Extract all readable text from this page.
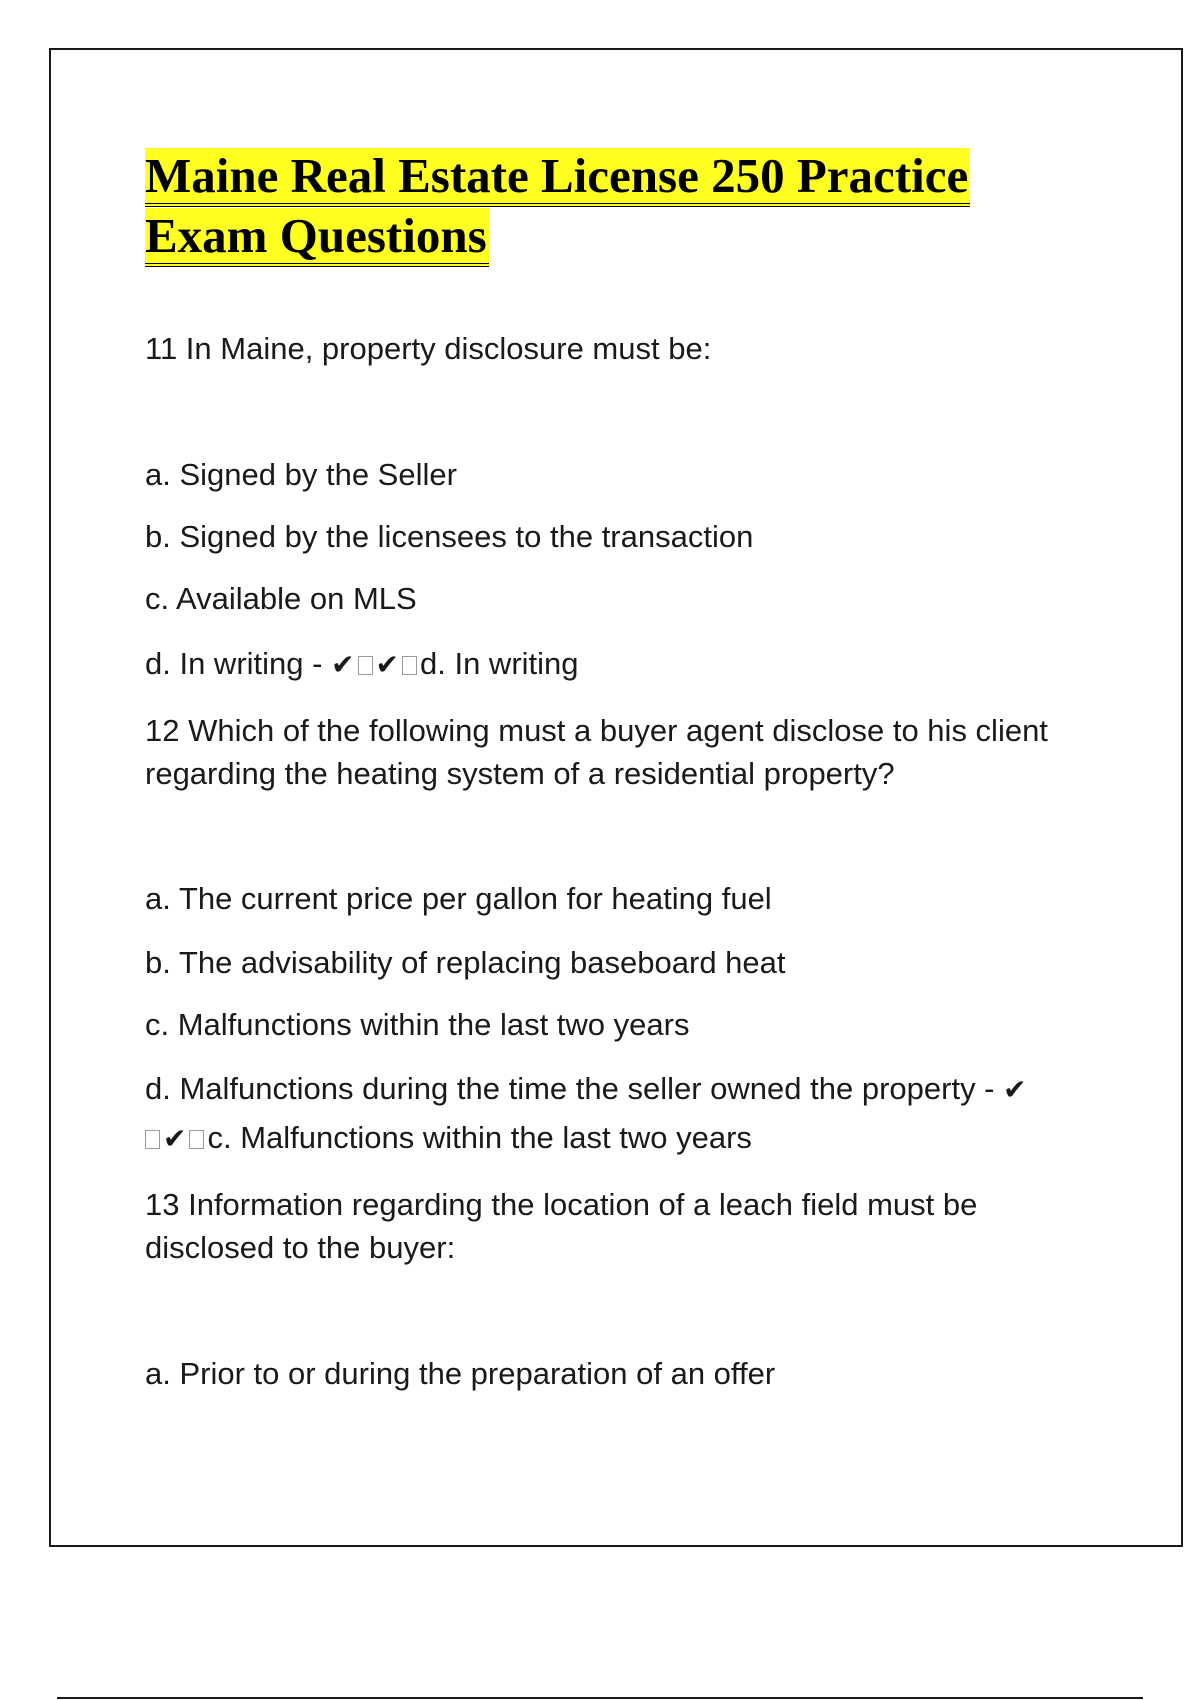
Maine Real Estate License 250 Practice
Exam Questions
11 In Maine, property disclosure must be:
a. Signed by the Seller
b. Signed by the licensees to the transaction
c. Available on MLS
d. In writing - ✔ ✔ d. In writing
12 Which of the following must a buyer agent disclose to his client
regarding the heating system of a residential property?
a. The current price per gallon for heating fuel
b. The advisability of replacing baseboard heat
c. Malfunctions within the last two years
d. Malfunctions during the time the seller owned the property - ✔
✔ c. Malfunctions within the last two years
13 Information regarding the location of a leach field must be
disclosed to the buyer:
a. Prior to or during the preparation of an offer
